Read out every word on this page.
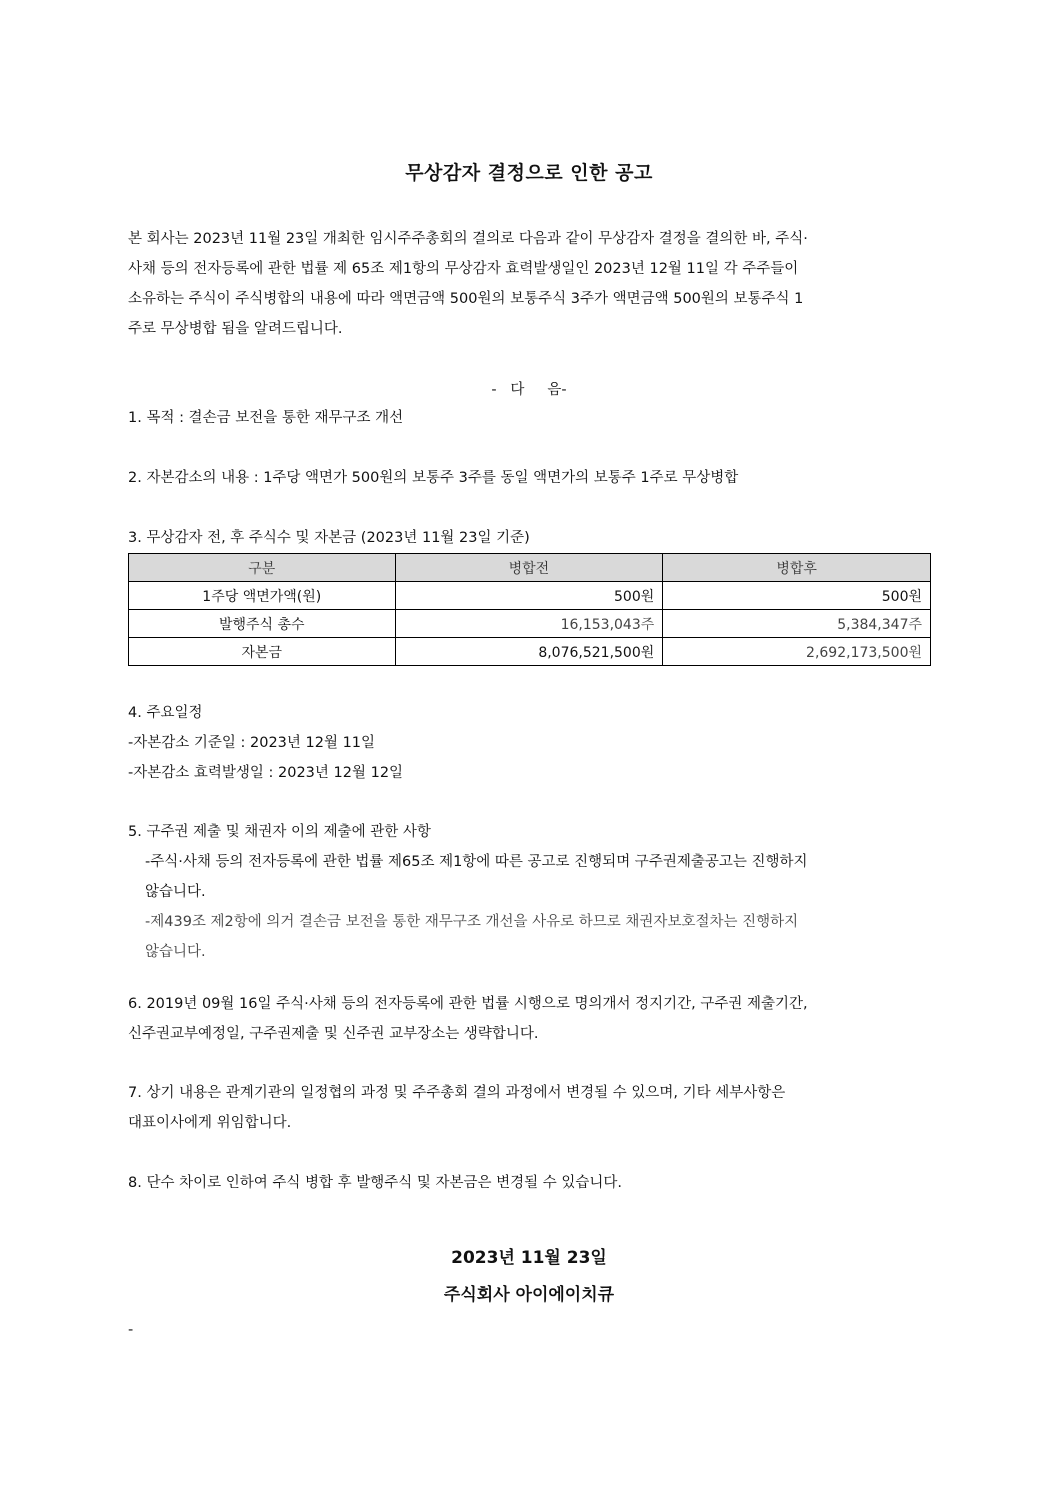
무상감자 결정으로 인한 공고
본 회사는 2023년 11월 23일 개최한 임시주주총회의 결의로 다음과 같이 무상감자 결정을 결의한 바, 주식·
사채 등의 전자등록에 관한 법률 제 65조 제1항의 무상감자 효력발생일인 2023년 12월 11일 각 주주들이
소유하는 주식이 주식병합의 내용에 따라 액면금액 500원의 보통주식 3주가 액면금액 500원의 보통주식 1
주로 무상병합 됨을 알려드립니다.
-   다     음-
1. 목적 : 결손금 보전을 통한 재무구조 개선
2. 자본감소의 내용 : 1주당 액면가 500원의 보통주 3주를 동일 액면가의 보통주 1주로 무상병합
3. 무상감자 전, 후 주식수 및 자본금 (2023년 11월 23일 기준)
구분	병합전	병합후
1주당 액면가액(원)	500원	500원
발행주식 총수	16,153,043주	5,384,347주
자본금	8,076,521,500원	2,692,173,500원
4. 주요일정
-자본감소 기준일 : 2023년 12월 11일
-자본감소 효력발생일 : 2023년 12월 12일
5. 구주권 제출 및 채권자 이의 제출에 관한 사항
-주식·사채 등의 전자등록에 관한 법률 제65조 제1항에 따른 공고로 진행되며 구주권제출공고는 진행하지
않습니다.
-제439조 제2항에 의거 결손금 보전을 통한 재무구조 개선을 사유로 하므로 채권자보호절차는 진행하지
않습니다.
6. 2019년 09월 16일 주식·사채 등의 전자등록에 관한 법률 시행으로 명의개서 정지기간, 구주권 제출기간,
신주권교부예정일, 구주권제출 및 신주권 교부장소는 생략합니다.
7. 상기 내용은 관계기관의 일정협의 과정 및 주주총회 결의 과정에서 변경될 수 있으며, 기타 세부사항은
대표이사에게 위임합니다.
8. 단수 차이로 인하여 주식 병합 후 발행주식 및 자본금은 변경될 수 있습니다.
2023년 11월 23일
주식회사 아이에이치큐
-
